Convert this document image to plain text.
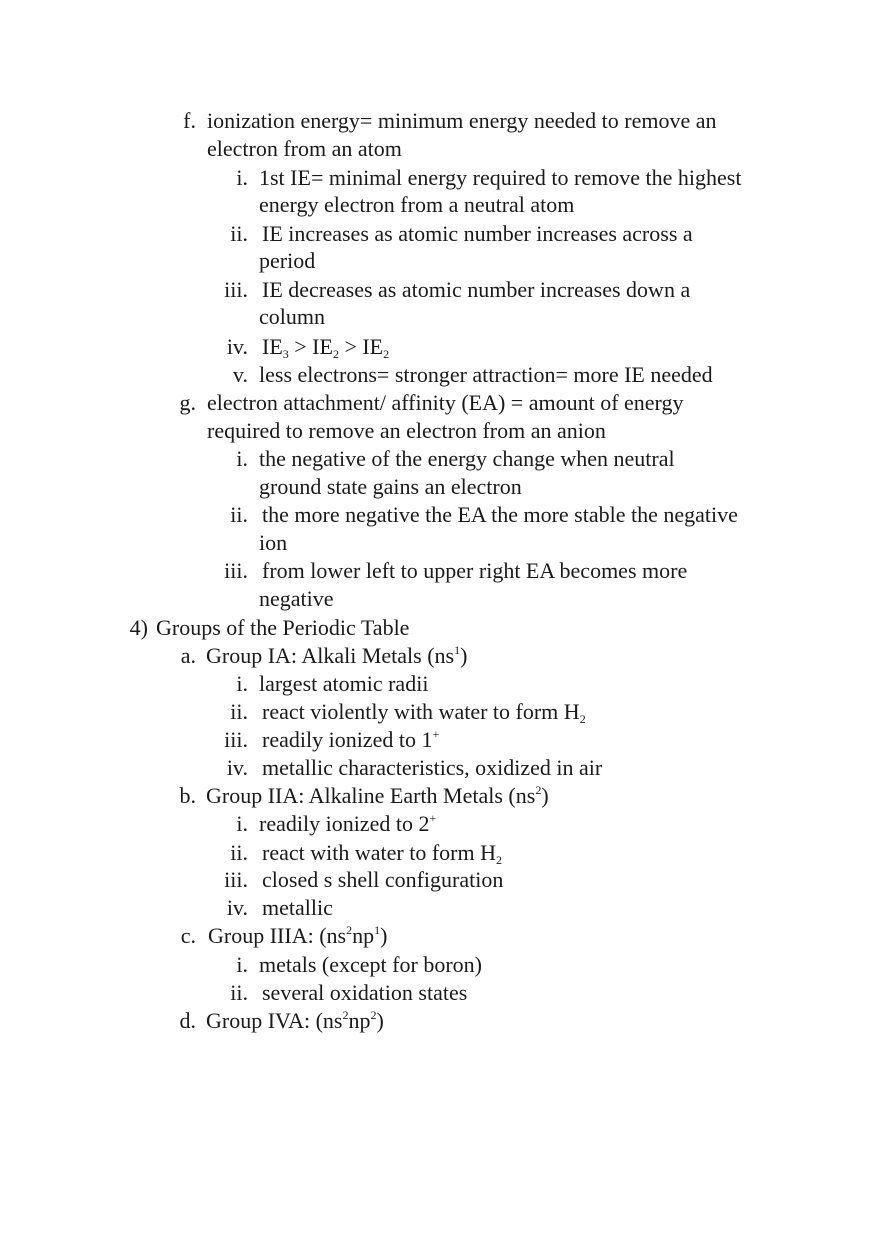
f. ionization energy= minimum energy needed to remove an
electron from an atom
i. 1st IE= minimal energy required to remove the highest
energy electron from a neutral atom
ii. IE increases as atomic number increases across a
period
iii. IE decreases as atomic number increases down a
column
iv. $IE_3 > IE_2 > IE_2$
v. less electrons= stronger attraction= more IE needed
g. electron attachment/ affinity (EA) = amount of energy
required to remove an electron from an anion
i. the negative of the energy change when neutral
ground state gains an electron
ii. the more negative the EA the more stable the negative
ion
iii. from lower left to upper right EA becomes more
negative
4) Groups of the Periodic Table
a. Group IA: Alkali Metals $(ns^1)$
i. largest atomic radii
ii. react violently with water to form $H_2$
iii. readily ionized to 1+
iv. metallic characteristics, oxidized in air
b. Group IIA: Alkaline Earth Metals $(ns^2)$
i. readily ionized to 2+
ii. react with water to form $H_2$
iii. closed s shell configuration
iv. metallic
c. Group IIIA: $(ns^2np^1)$
i. metals (except for boron)
ii. several oxidation states
d. Group IVA: $(ns^2np^2)$
